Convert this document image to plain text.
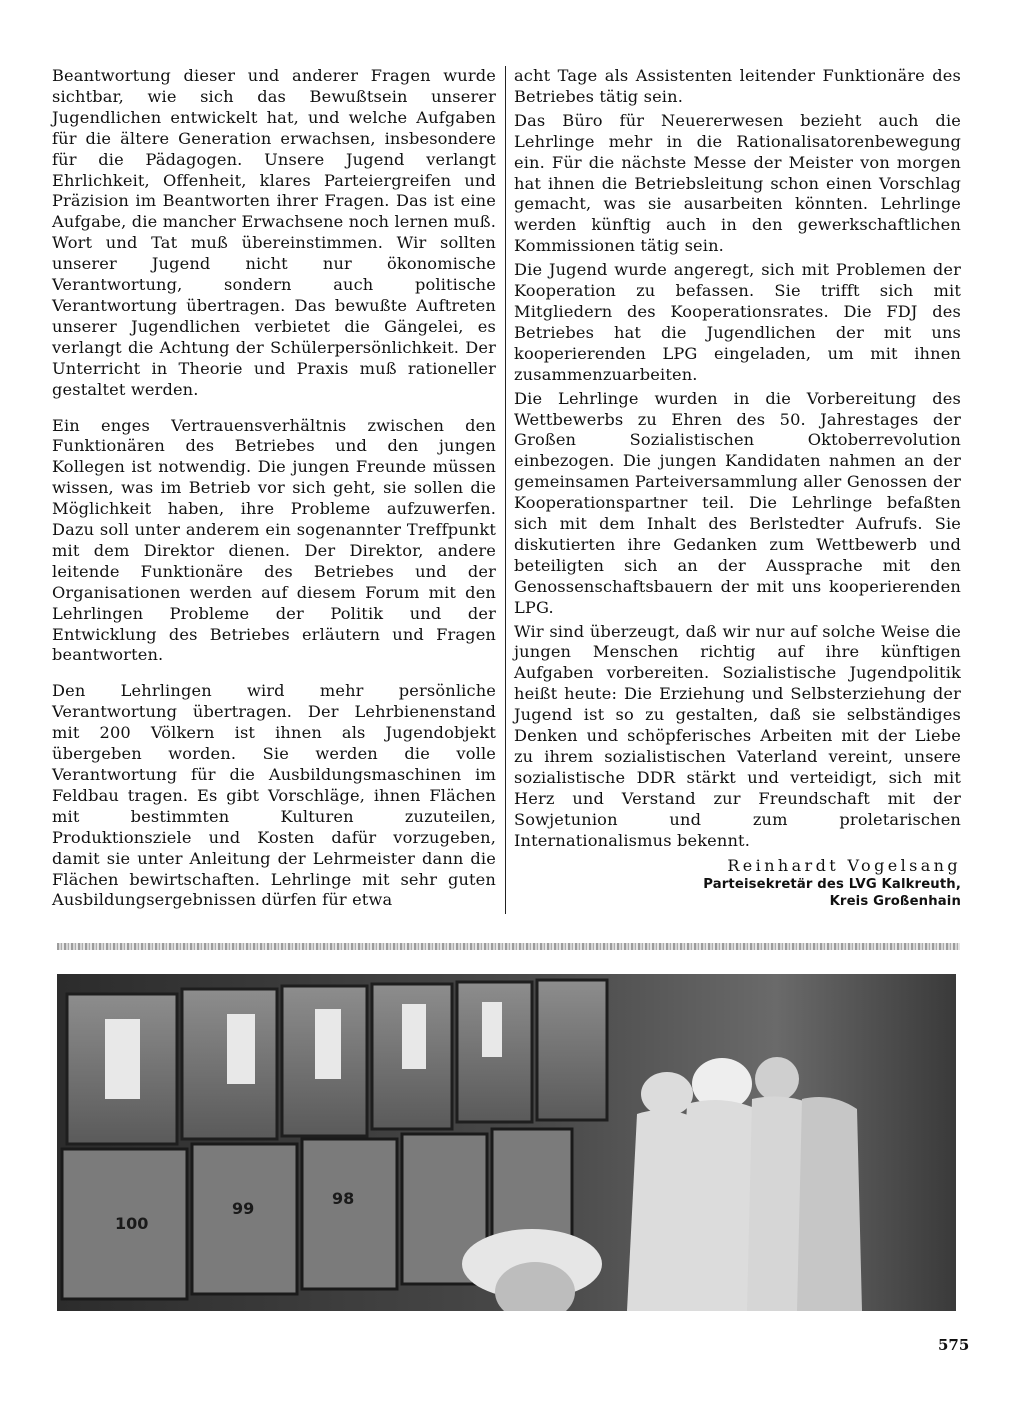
Beantwortung dieser und anderer Fragen wurde sichtbar, wie sich das Bewußtsein unserer Jugendlichen entwickelt hat, und welche Aufgaben für die ältere Generation erwachsen, insbesondere für die Pädagogen. Unsere Jugend verlangt Ehrlichkeit, Offenheit, klares Parteiergreifen und Präzision im Beantworten ihrer Fragen. Das ist eine Aufgabe, die mancher Erwachsene noch lernen muß. Wort und Tat muß übereinstimmen. Wir sollten unserer Jugend nicht nur ökonomische Verantwortung, sondern auch politische Verantwortung übertragen. Das bewußte Auftreten unserer Jugendlichen verbietet die Gängelei, es verlangt die Achtung der Schülerpersönlichkeit. Der Unterricht in Theorie und Praxis muß rationeller gestaltet werden.

Ein enges Vertrauensverhältnis zwischen den Funktionären des Betriebes und den jungen Kollegen ist notwendig. Die jungen Freunde müssen wissen, was im Betrieb vor sich geht, sie sollen die Möglichkeit haben, ihre Probleme aufzuwerfen. Dazu soll unter anderem ein sogenannter Treffpunkt mit dem Direktor dienen. Der Direktor, andere leitende Funktionäre des Betriebes und der Organisationen werden auf diesem Forum mit den Lehrlingen Probleme der Politik und der Entwicklung des Betriebes erläutern und Fragen beantworten.

Den Lehrlingen wird mehr persönliche Verantwortung übertragen. Der Lehrbienenstand mit 200 Völkern ist ihnen als Jugendobjekt übergeben worden. Sie werden die volle Verantwortung für die Ausbildungsmaschinen im Feldbau tragen. Es gibt Vorschläge, ihnen Flächen mit bestimmten Kulturen zuzuteilen, Produktionsziele und Kosten dafür vorzugeben, damit sie unter Anleitung der Lehrmeister dann die Flächen bewirtschaften. Lehrlinge mit sehr guten Ausbildungsergebnissen dürfen für etwa

acht Tage als Assistenten leitender Funktionäre des Betriebes tätig sein.

Das Büro für Neuererwesen bezieht auch die Lehrlinge mehr in die Rationalisatorenbewegung ein. Für die nächste Messe der Meister von morgen hat ihnen die Betriebsleitung schon einen Vorschlag gemacht, was sie ausarbeiten könnten. Lehrlinge werden künftig auch in den gewerkschaftlichen Kommissionen tätig sein.

Die Jugend wurde angeregt, sich mit Problemen der Kooperation zu befassen. Sie trifft sich mit Mitgliedern des Kooperationsrates. Die FDJ des Betriebes hat die Jugendlichen der mit uns kooperierenden LPG eingeladen, um mit ihnen zusammenzuarbeiten.

Die Lehrlinge wurden in die Vorbereitung des Wettbewerbs zu Ehren des 50. Jahrestages der Großen Sozialistischen Oktoberrevolution einbezogen. Die jungen Kandidaten nahmen an der gemeinsamen Parteiversammlung aller Genossen der Kooperationspartner teil. Die Lehrlinge befaßten sich mit dem Inhalt des Berlstedter Aufrufs. Sie diskutierten ihre Gedanken zum Wettbewerb und beteiligten sich an der Aussprache mit den Genossenschaftsbauern der mit uns kooperierenden LPG.

Wir sind überzeugt, daß wir nur auf solche Weise die jungen Menschen richtig auf ihre künftigen Aufgaben vorbereiten. Sozialistische Jugendpolitik heißt heute: Die Erziehung und Selbsterziehung der Jugend ist so zu gestalten, daß sie selbständiges Denken und schöpferisches Arbeiten mit der Liebe zu ihrem sozialistischen Vaterland vereint, unsere sozialistische DDR stärkt und verteidigt, sich mit Herz und Verstand zur Freundschaft mit der Sowjetunion und zum proletarischen Internationalismus bekennt.

Reinhardt Vogelsang
Parteisekretär des LVG Kalkreuth,
Kreis Großenhain
100
99
98
575
